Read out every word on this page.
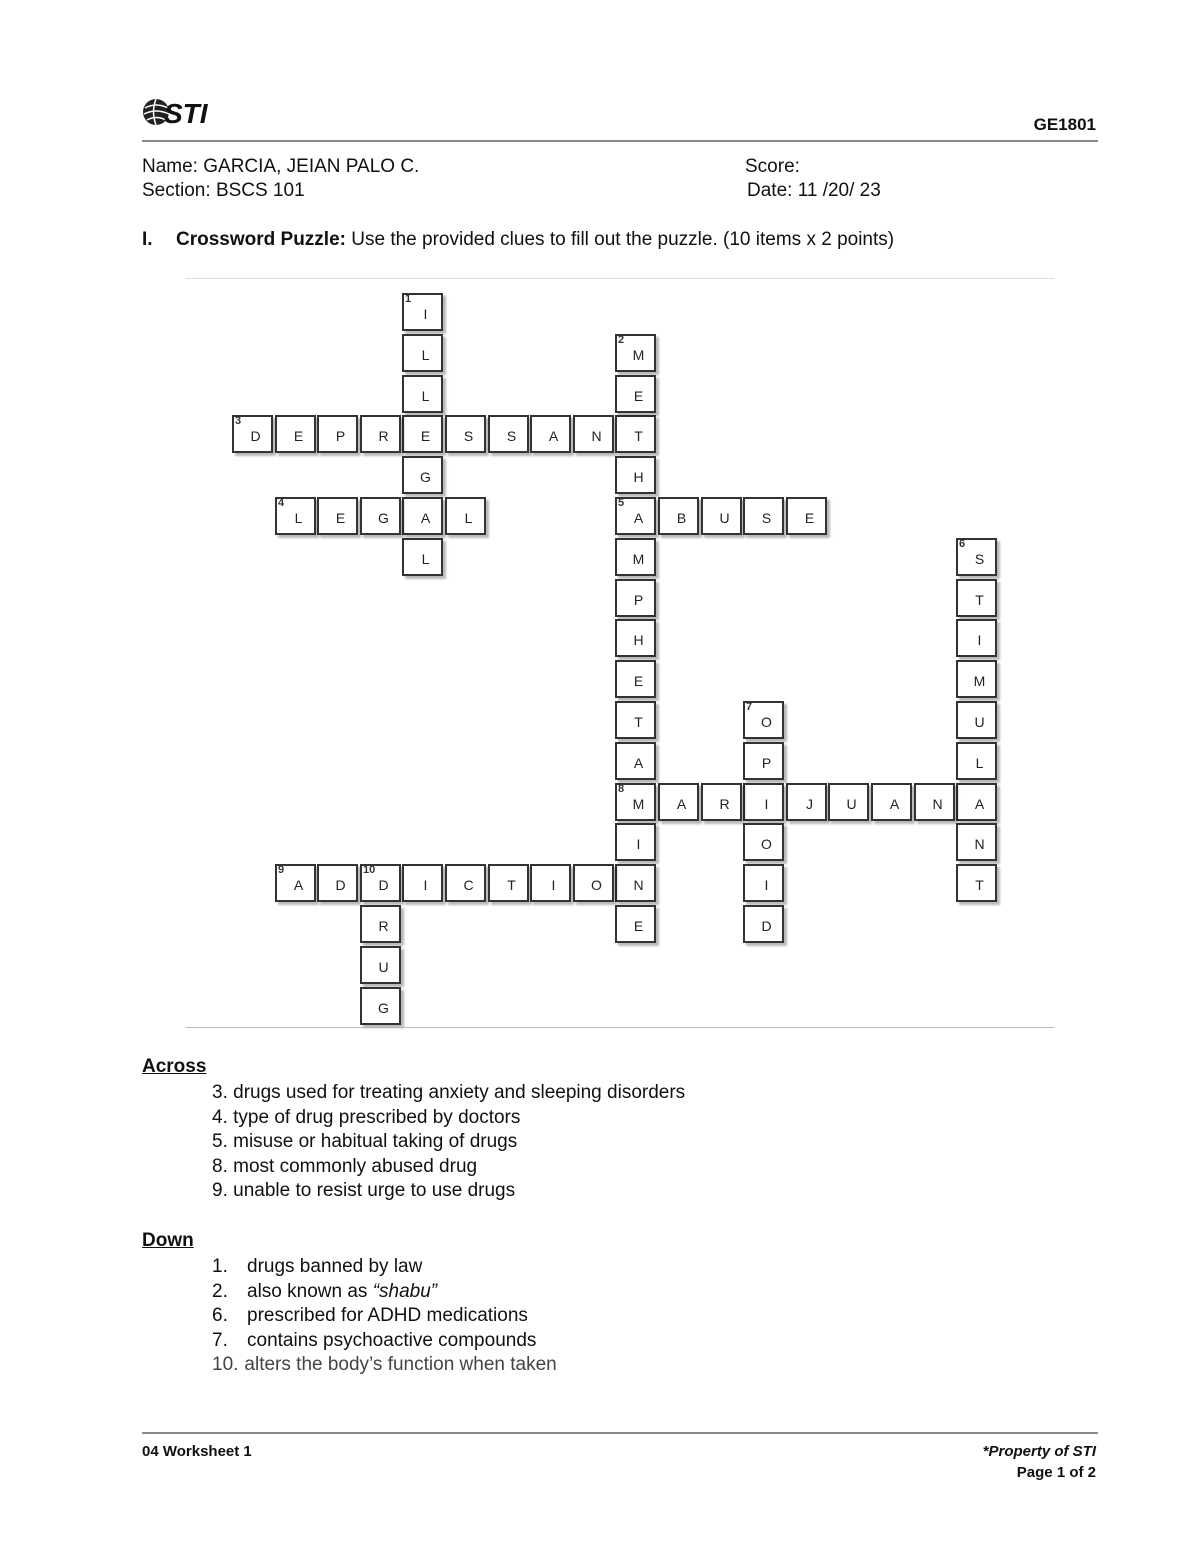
STI	GE1801
Name: GARCIA, JEIAN PALO C.
Section: BSCS 101
Score:
Date: 11 /20/ 23
I. Crossword Puzzle: Use the provided clues to fill out the puzzle. (10 items x 2 points)
1
I
L
L
E
G
A
L
3
D	E	P	R	S	S	A	N	T
4
L	E	G	L
2
M
E
H
5
A
M
P
H
E
T
A
8
M
I
N
E
B	U	S	E
6
S
T
I
M
U
L
A
N
T
7
O
P
I
O
I
D
A	R	J	U	A	N
9
A	D
10
D	I	C	T	I	O
R
U
G
Across
3. drugs used for treating anxiety and sleeping disorders
4. type of drug prescribed by doctors
5. misuse or habitual taking of drugs
8. most commonly abused drug
9. unable to resist urge to use drugs
Down
1. drugs banned by law
2. also known as “shabu”
6. prescribed for ADHD medications
7. contains psychoactive compounds
10. alters the body’s function when taken
04 Worksheet 1	*Property of STI
Page 1 of 2
